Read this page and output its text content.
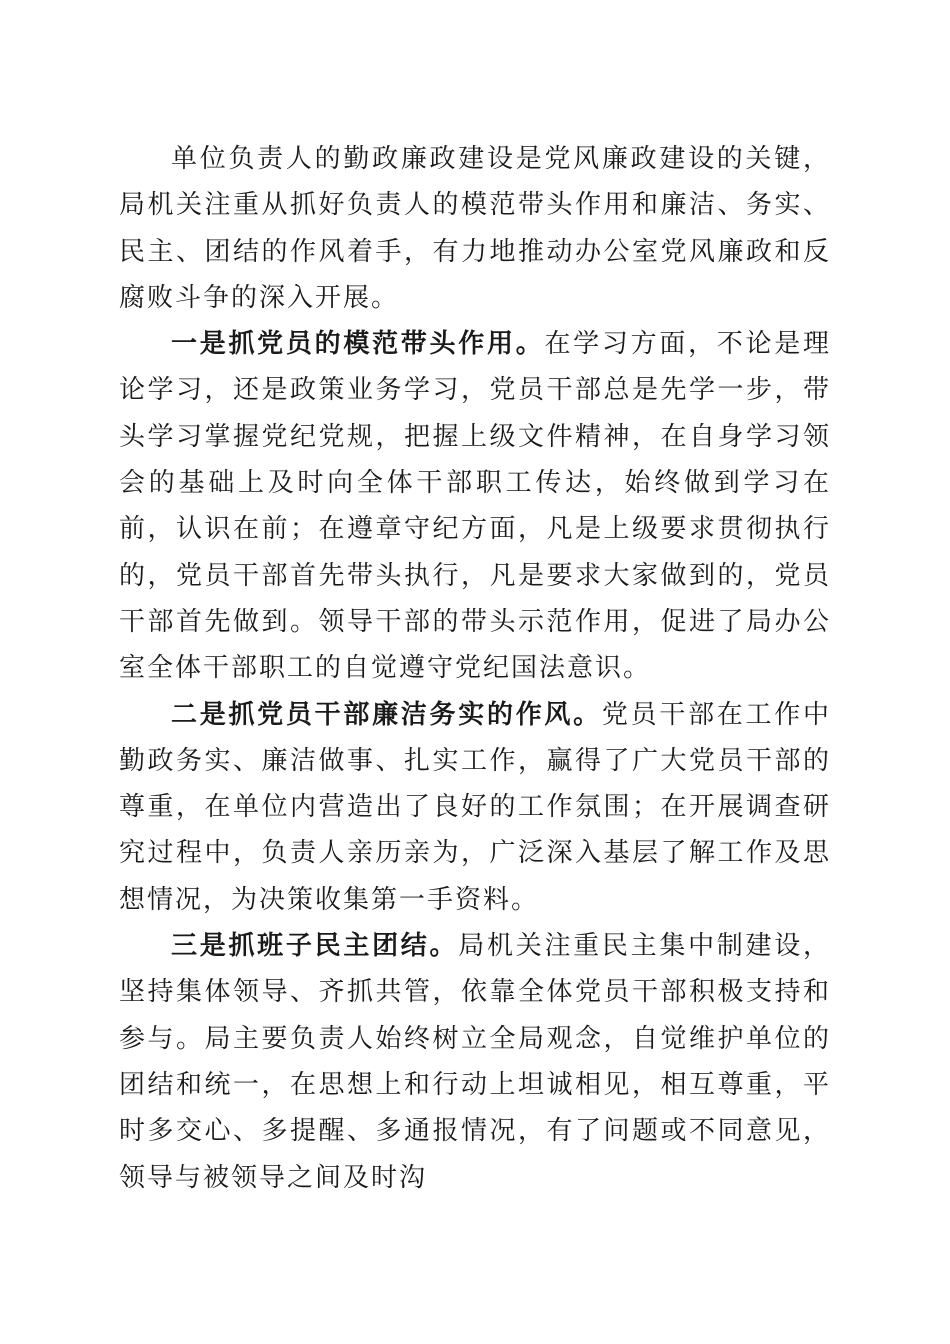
单位负责人的勤政廉政建设是党风廉政建设的关键，局机关注重从抓好负责人的模范带头作用和廉洁、务实、民主、团结的作风着手，有力地推动办公室党风廉政和反腐败斗争的深入开展。

一是抓党员的模范带头作用。在学习方面，不论是理论学习，还是政策业务学习，党员干部总是先学一步，带头学习掌握党纪党规，把握上级文件精神，在自身学习领会的基础上及时向全体干部职工传达，始终做到学习在前，认识在前；在遵章守纪方面，凡是上级要求贯彻执行的，党员干部首先带头执行，凡是要求大家做到的，党员干部首先做到。领导干部的带头示范作用，促进了局办公室全体干部职工的自觉遵守党纪国法意识。

二是抓党员干部廉洁务实的作风。党员干部在工作中勤政务实、廉洁做事、扎实工作，赢得了广大党员干部的尊重，在单位内营造出了良好的工作氛围；在开展调查研究过程中，负责人亲历亲为，广泛深入基层了解工作及思想情况，为决策收集第一手资料。

三是抓班子民主团结。局机关注重民主集中制建设，坚持集体领导、齐抓共管，依靠全体党员干部积极支持和参与。局主要负责人始终树立全局观念，自觉维护单位的团结和统一，在思想上和行动上坦诚相见，相互尊重，平时多交心、多提醒、多通报情况，有了问题或不同意见，领导与被领导之间及时沟
